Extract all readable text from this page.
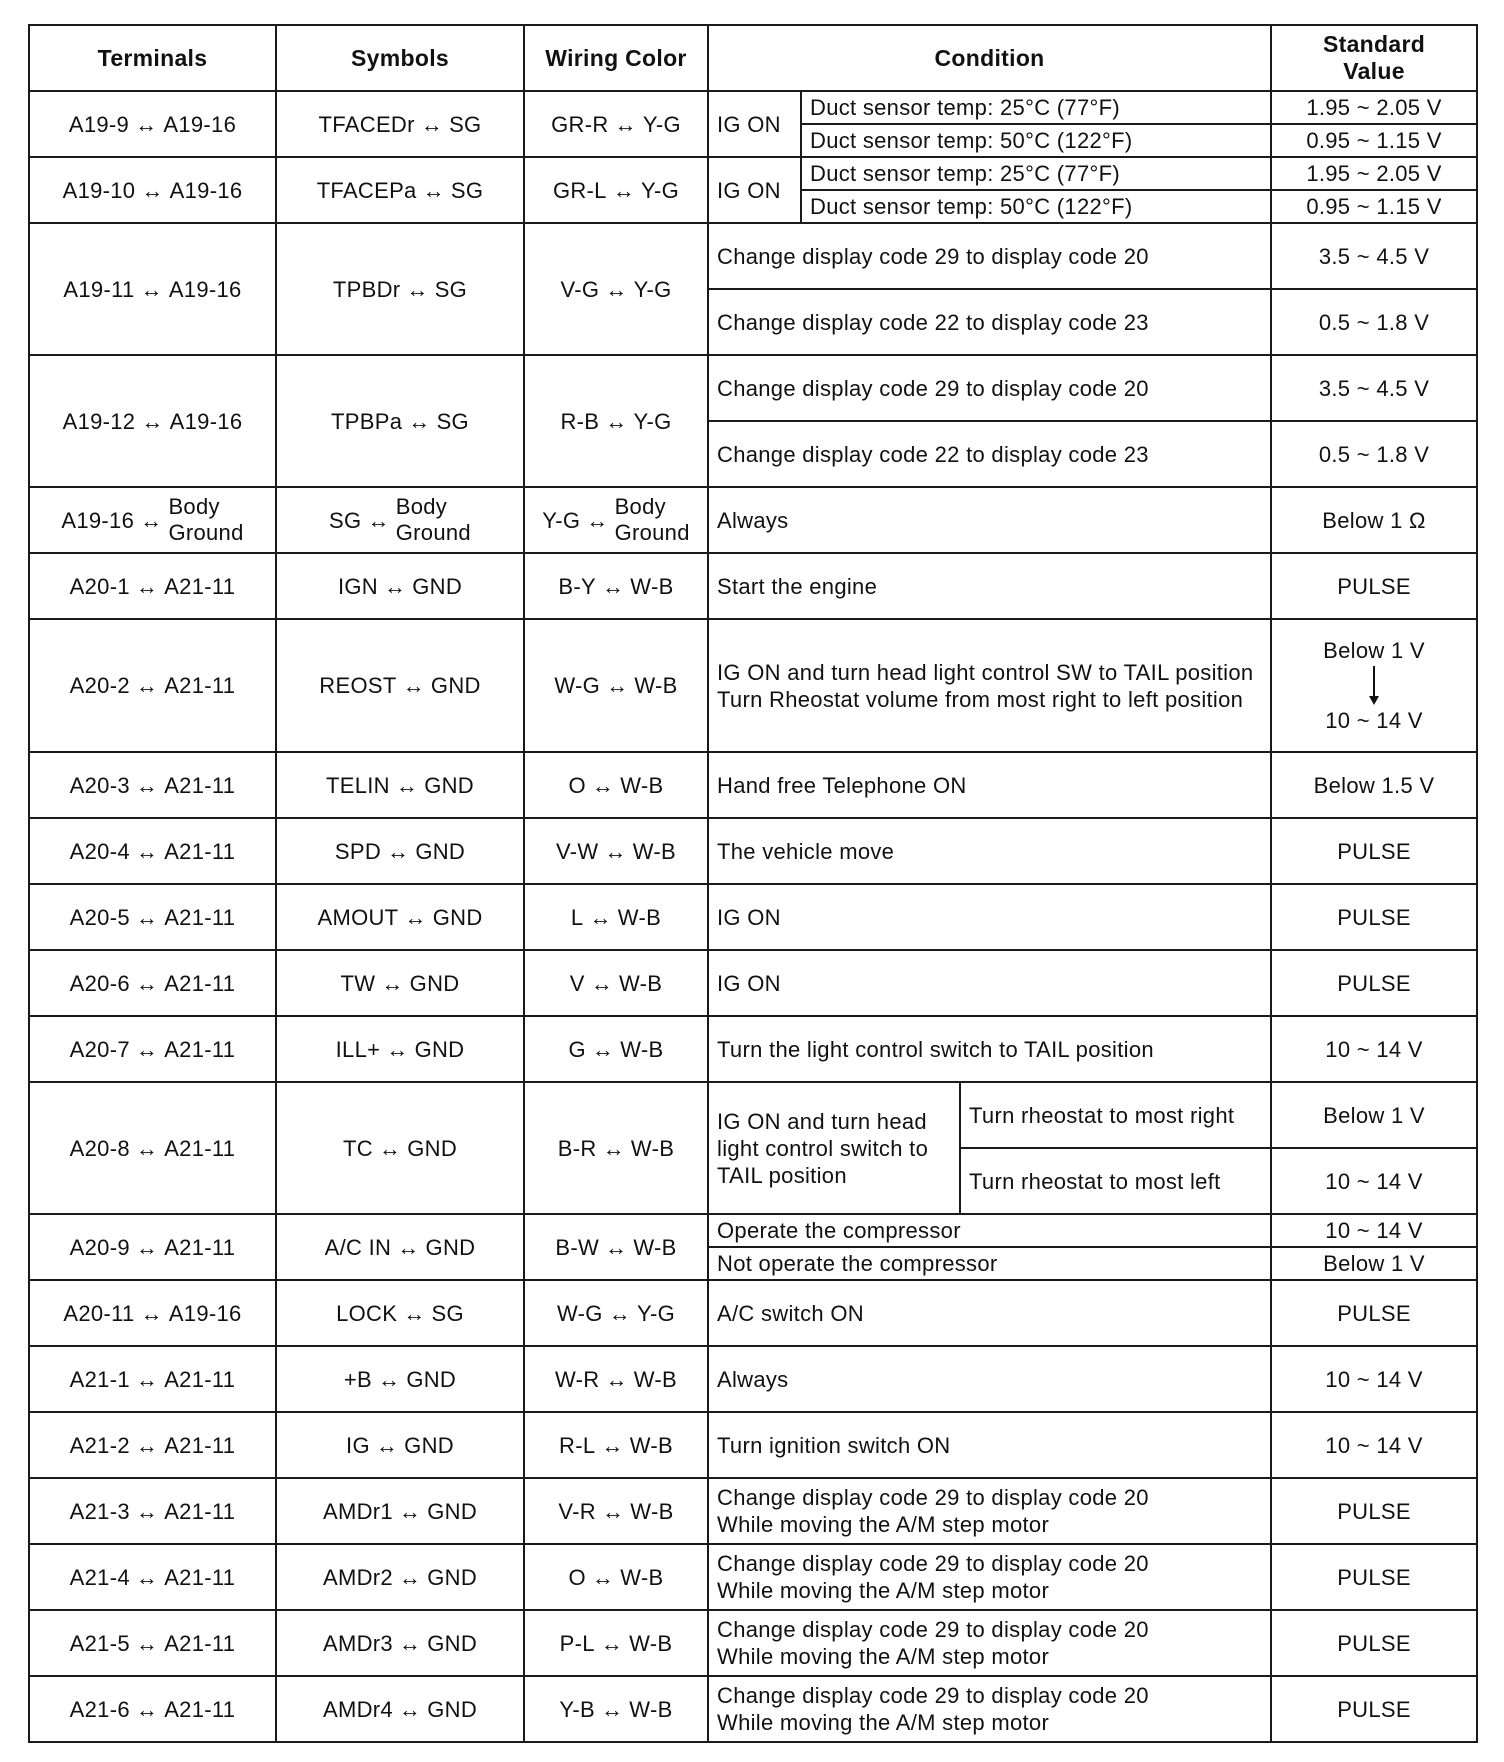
Terminals	Symbols	Wiring Color	Condition			Standard
Value

A19-9 ↔ A19-16	TFACEDr ↔ SG	GR-R ↔ Y-G	IG ON	Duct sensor temp: 25°C (77°F)		1.95 ~ 2.05 V
				Duct sensor temp: 50°C (122°F)		0.95 ~ 1.15 V

A19-10 ↔ A19-16	TFACEPa ↔ SG	GR-L ↔ Y-G	IG ON	Duct sensor temp: 25°C (77°F)		1.95 ~ 2.05 V
				Duct sensor temp: 50°C (122°F)		0.95 ~ 1.15 V

A19-11 ↔ A19-16	TPBDr ↔ SG	V-G ↔ Y-G	Change display code 29 to display code 20			3.5 ~ 4.5 V
			Change display code 22 to display code 23			0.5 ~ 1.8 V

A19-12 ↔ A19-16	TPBPa ↔ SG	R-B ↔ Y-G	Change display code 29 to display code 20			3.5 ~ 4.5 V
			Change display code 22 to display code 23			0.5 ~ 1.8 V

A19-16 ↔
Body
Ground	SG ↔
Body
Ground	Y-G ↔
Body
Ground	Always			Below 1 Ω

A20-1 ↔ A21-11	IGN ↔ GND	B-Y ↔ W-B	Start the engine			PULSE

A20-2 ↔ A21-11	REOST ↔ GND	W-G ↔ W-B	IG ON and turn head light control SW to TAIL position
Turn Rheostat volume from most right to left position			Below 1 V
10 ~ 14 V

A20-3 ↔ A21-11	TELIN ↔ GND	O ↔ W-B	Hand free Telephone ON			Below 1.5 V

A20-4 ↔ A21-11	SPD ↔ GND	V-W ↔ W-B	The vehicle move			PULSE

A20-5 ↔ A21-11	AMOUT ↔ GND	L ↔ W-B	IG ON			PULSE

A20-6 ↔ A21-11	TW ↔ GND	V ↔ W-B	IG ON			PULSE

A20-7 ↔ A21-11	ILL+ ↔ GND	G ↔ W-B	Turn the light control switch to TAIL position			10 ~ 14 V

A20-8 ↔ A21-11	TC ↔ GND	B-R ↔ W-B	IG ON and turn head light control switch to TAIL position		Turn rheostat to most right	Below 1 V
					Turn rheostat to most left	10 ~ 14 V

A20-9 ↔ A21-11	A/C IN ↔ GND	B-W ↔ W-B	Operate the compressor			10 ~ 14 V
			Not operate the compressor			Below 1 V

A20-11 ↔ A19-16	LOCK ↔ SG	W-G ↔ Y-G	A/C switch ON			PULSE

A21-1 ↔ A21-11	+B ↔ GND	W-R ↔ W-B	Always			10 ~ 14 V

A21-2 ↔ A21-11	IG ↔ GND	R-L ↔ W-B	Turn ignition switch ON			10 ~ 14 V

A21-3 ↔ A21-11	AMDr1 ↔ GND	V-R ↔ W-B	Change display code 29 to display code 20
While moving the A/M step motor			PULSE

A21-4 ↔ A21-11	AMDr2 ↔ GND	O ↔ W-B	Change display code 29 to display code 20
While moving the A/M step motor			PULSE

A21-5 ↔ A21-11	AMDr3 ↔ GND	P-L ↔ W-B	Change display code 29 to display code 20
While moving the A/M step motor			PULSE

A21-6 ↔ A21-11	AMDr4 ↔ GND	Y-B ↔ W-B	Change display code 29 to display code 20
While moving the A/M step motor			PULSE
